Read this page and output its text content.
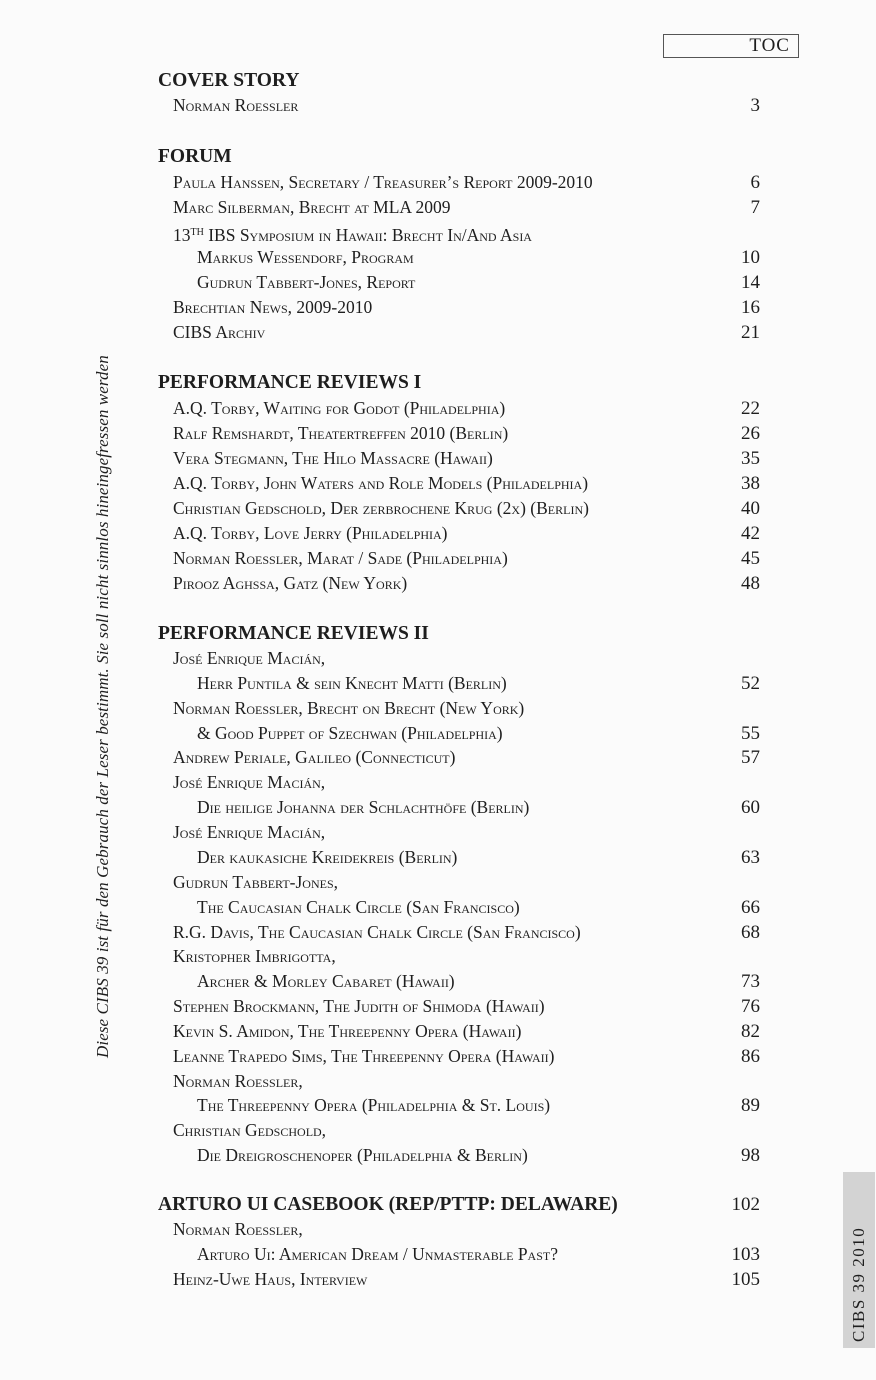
TOC
Diese CIBS 39 ist für den Gebrauch der Leser bestimmt. Sie soll nicht sinnlos hineingefressen werden
CIBS 39 2010
COVER STORY
Norman Roessler	3
FORUM
Paula Hanssen, Secretary / Treasurer’s Report 2009-2010	6
Marc Silberman, Brecht at MLA 2009	7
13TH IBS Symposium in Hawaii: Brecht In/And Asia
Markus Wessendorf, Program	10
Gudrun Tabbert-Jones, Report	14
Brechtian News, 2009-2010	16
CIBS Archiv	21
PERFORMANCE REVIEWS I
A.Q. Torby, Waiting for Godot (Philadelphia)	22
Ralf Remshardt, Theatertreffen 2010 (Berlin)	26
Vera Stegmann, The Hilo Massacre (Hawaii)	35
A.Q. Torby, John Waters and Role Models (Philadelphia)	38
Christian Gedschold, Der zerbrochene Krug (2x) (Berlin)	40
A.Q. Torby, Love Jerry (Philadelphia)	42
Norman Roessler, Marat / Sade (Philadelphia)	45
Pirooz Aghssa, Gatz (New York)	48
PERFORMANCE REVIEWS II
José Enrique Macián,
Herr Puntila & sein Knecht Matti (Berlin)	52
Norman Roessler, Brecht on Brecht (New York)
& Good Puppet of Szechwan (Philadelphia)	55
Andrew Periale, Galileo (Connecticut)	57
José Enrique Macián,
Die heilige Johanna der Schlachthöfe (Berlin)	60
José Enrique Macián,
Der kaukasiche Kreidekreis (Berlin)	63
Gudrun Tabbert-Jones,
The Caucasian Chalk Circle (San Francisco)	66
R.G. Davis, The Caucasian Chalk Circle (San Francisco)	68
Kristopher Imbrigotta,
Archer & Morley Cabaret (Hawaii)	73
Stephen Brockmann, The Judith of Shimoda (Hawaii)	76
Kevin S. Amidon, The Threepenny Opera (Hawaii)	82
Leanne Trapedo Sims, The Threepenny Opera (Hawaii)	86
Norman Roessler,
The Threepenny Opera (Philadelphia & St. Louis)	89
Christian Gedschold,
Die Dreigroschenoper (Philadelphia & Berlin)	98
ARTURO UI CASEBOOK (REP/PTTP: DELAWARE)	102
Norman Roessler,
Arturo Ui: American Dream / Unmasterable Past?	103
Heinz-Uwe Haus, Interview	105
